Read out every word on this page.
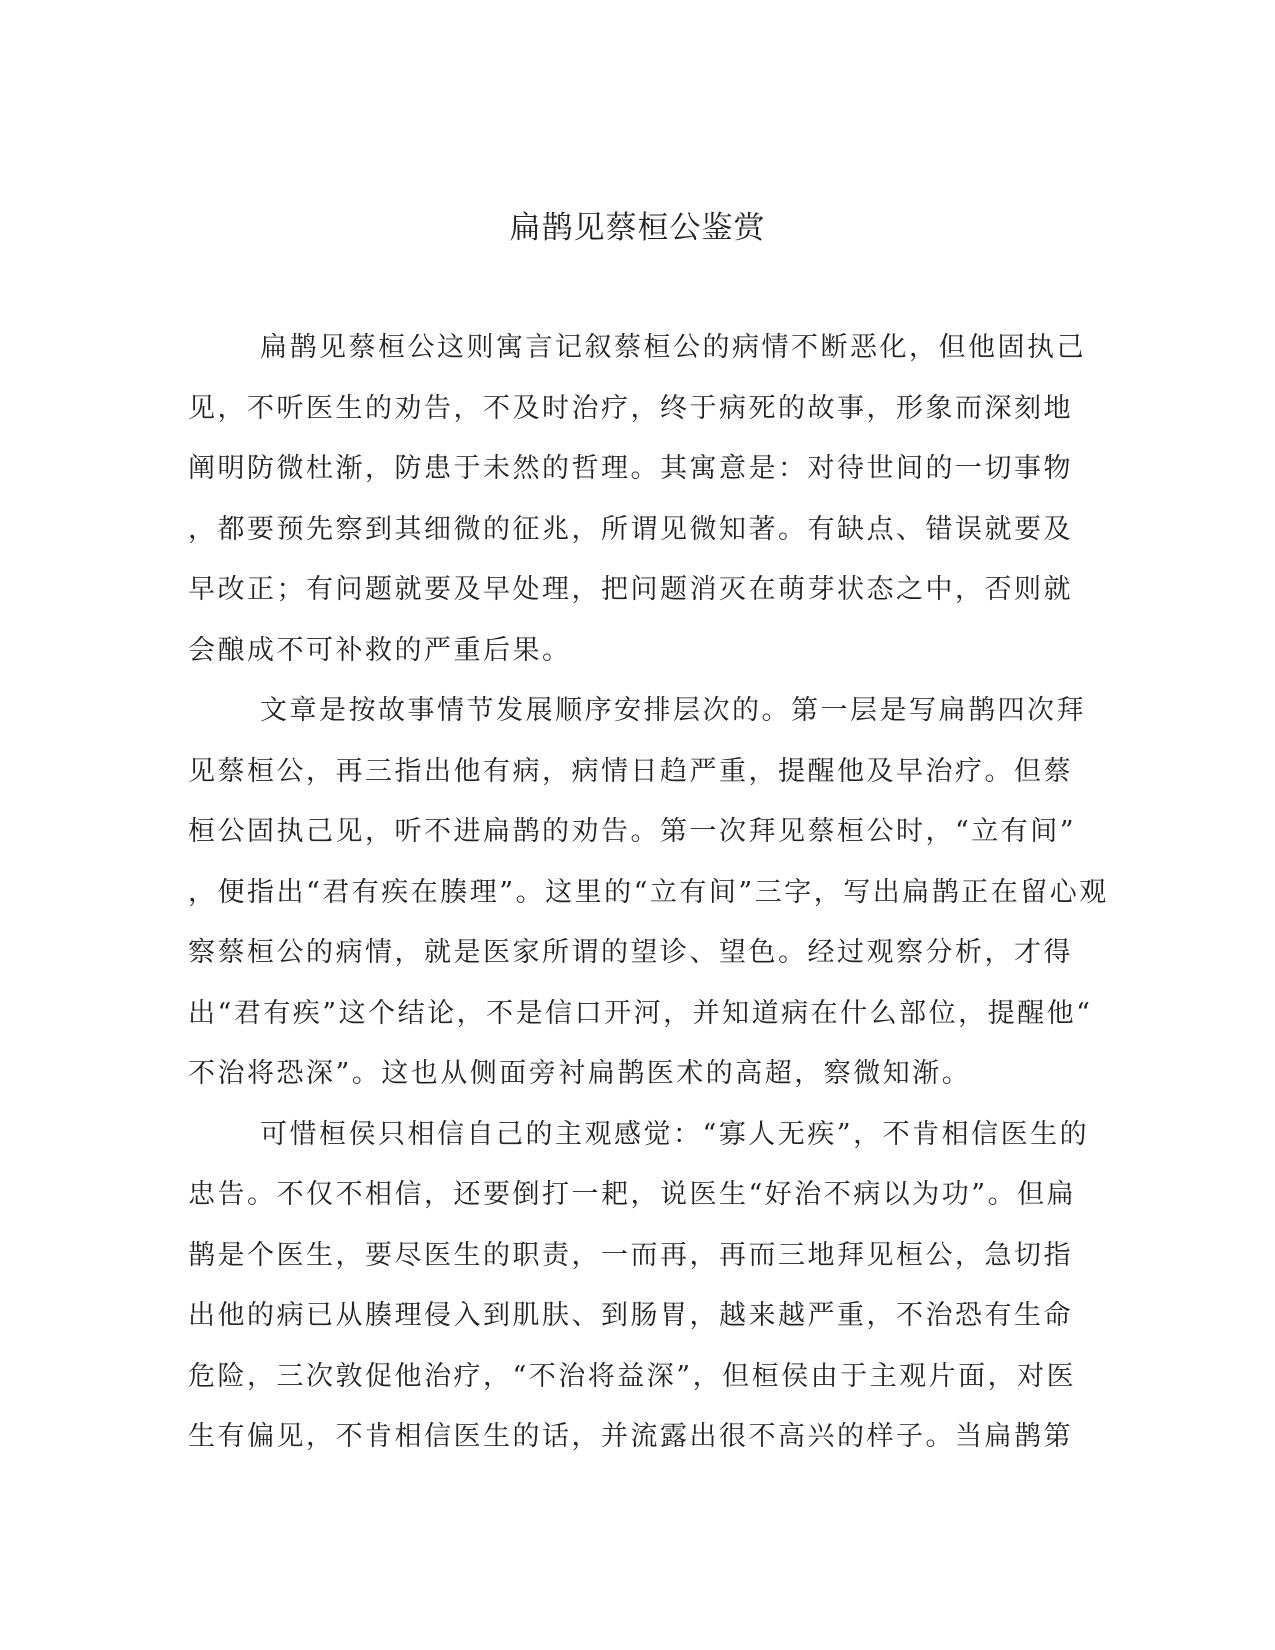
扁鹊见蔡桓公鉴赏
扁鹊见蔡桓公这则寓言记叙蔡桓公的病情不断恶化，但他固执己
见，不听医生的劝告，不及时治疗，终于病死的故事，形象而深刻地
阐明防微杜渐，防患于未然的哲理。其寓意是：对待世间的一切事物
，都要预先察到其细微的征兆，所谓见微知著。有缺点、错误就要及
早改正；有问题就要及早处理，把问题消灭在萌芽状态之中，否则就
会酿成不可补救的严重后果。
文章是按故事情节发展顺序安排层次的。第一层是写扁鹊四次拜
见蔡桓公，再三指出他有病，病情日趋严重，提醒他及早治疗。但蔡
桓公固执己见，听不进扁鹊的劝告。第一次拜见蔡桓公时，“立有间”
，便指出“君有疾在腠理”。这里的“立有间”三字，写出扁鹊正在留心观
察蔡桓公的病情，就是医家所谓的望诊、望色。经过观察分析，才得
出“君有疾”这个结论，不是信口开河，并知道病在什么部位，提醒他“
不治将恐深”。这也从侧面旁衬扁鹊医术的高超，察微知渐。
可惜桓侯只相信自己的主观感觉：“寡人无疾”，不肯相信医生的
忠告。不仅不相信，还要倒打一耙，说医生“好治不病以为功”。但扁
鹊是个医生，要尽医生的职责，一而再，再而三地拜见桓公，急切指
出他的病已从腠理侵入到肌肤、到肠胃，越来越严重，不治恐有生命
危险，三次敦促他治疗，“不治将益深”，但桓侯由于主观片面，对医
生有偏见，不肯相信医生的话，并流露出很不高兴的样子。当扁鹊第
